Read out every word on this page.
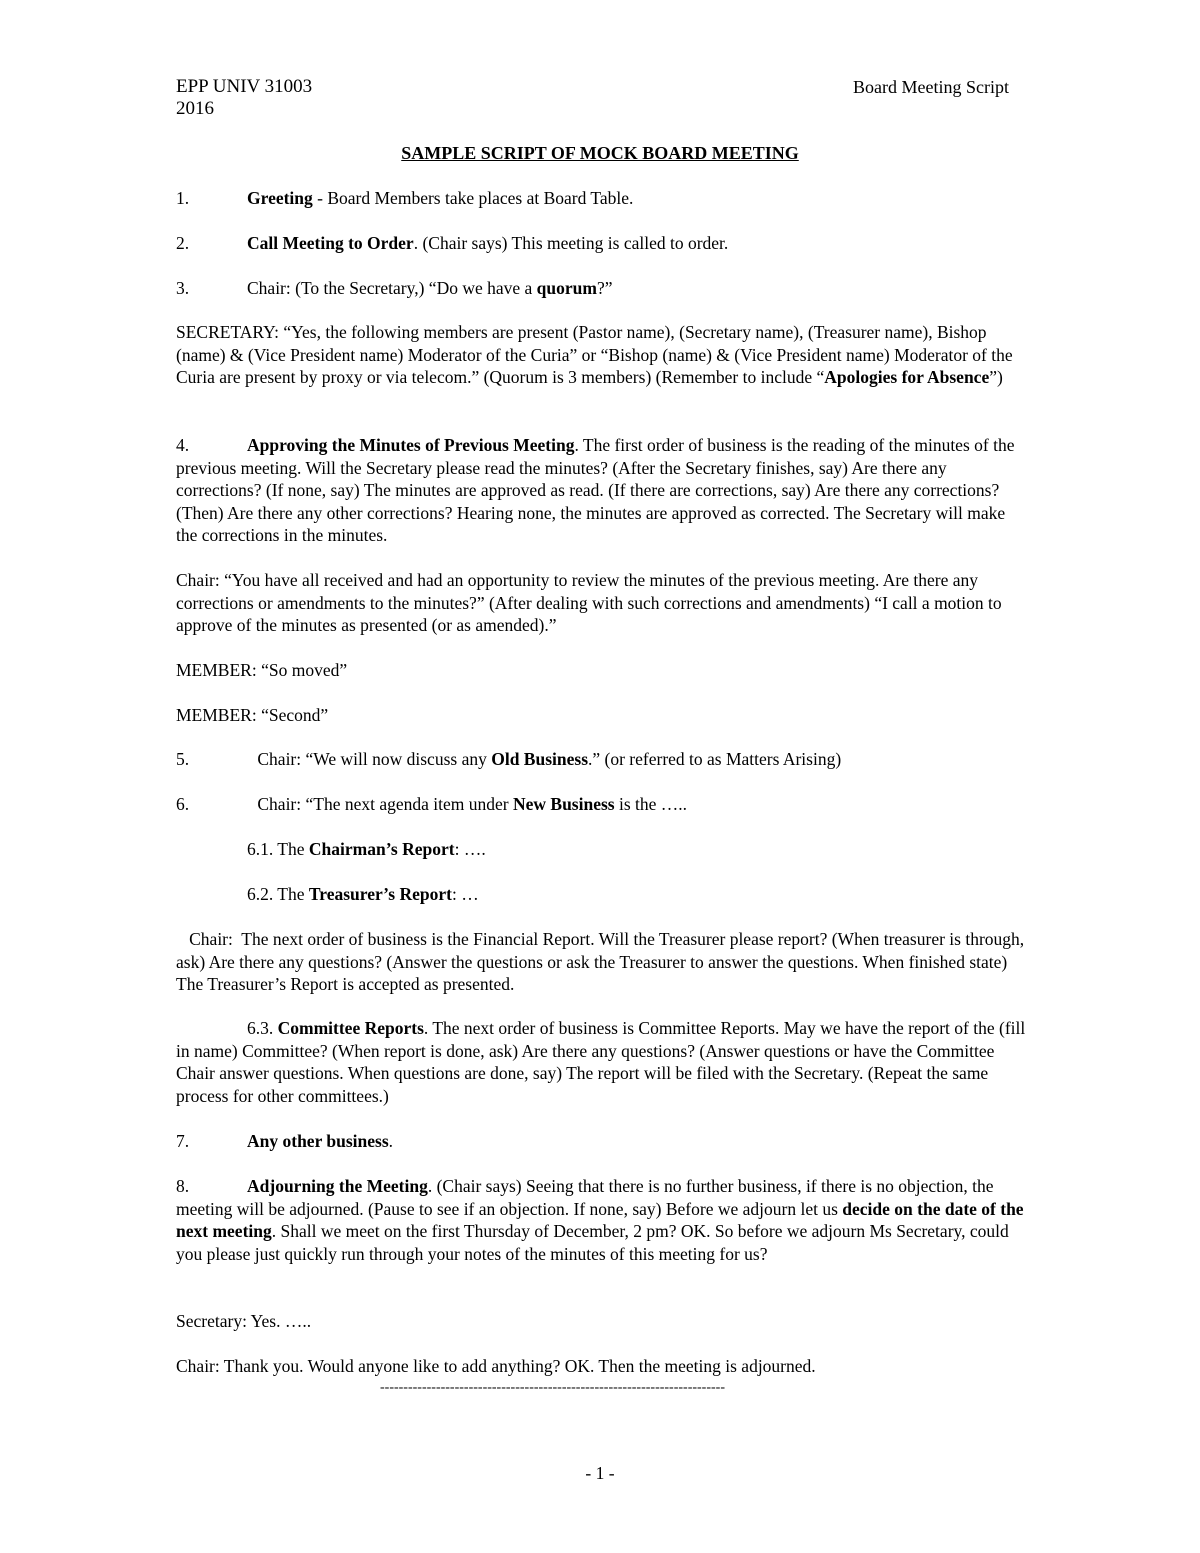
EPP UNIV 31003
2016
Board Meeting Script
SAMPLE SCRIPT OF MOCK BOARD MEETING

1.	Greeting - Board Members take places at Board Table.

2.	Call Meeting to Order. (Chair says) This meeting is called to order.

3.	Chair: (To the Secretary,) “Do we have a quorum?”

SECRETARY: “Yes, the following members are present (Pastor name), (Secretary name), (Treasurer name), Bishop (name) & (Vice President name) Moderator of the Curia” or “Bishop (name) & (Vice President name) Moderator of the Curia are present by proxy or via telecom.” (Quorum is 3 members) (Remember to include “Apologies for Absence”)

4.	Approving the Minutes of Previous Meeting. The first order of business is the reading of the minutes of the previous meeting. Will the Secretary please read the minutes? (After the Secretary finishes, say) Are there any corrections? (If none, say) The minutes are approved as read. (If there are corrections, say) Are there any corrections? (Then) Are there any other corrections? Hearing none, the minutes are approved as corrected. The Secretary will make the corrections in the minutes.

Chair: “You have all received and had an opportunity to review the minutes of the previous meeting. Are there any corrections or amendments to the minutes?” (After dealing with such corrections and amendments) “I call a motion to approve of the minutes as presented (or as amended).”

MEMBER: “So moved”

MEMBER: “Second”

5.	Chair: “We will now discuss any Old Business.” (or referred to as Matters Arising)

6.	Chair: “The next agenda item under New Business is the …..

6.1. The Chairman’s Report: ….

6.2. The Treasurer’s Report: …

Chair:  The next order of business is the Financial Report. Will the Treasurer please report? (When treasurer is through, ask) Are there any questions? (Answer the questions or ask the Treasurer to answer the questions. When finished state) The Treasurer’s Report is accepted as presented.

6.3. Committee Reports. The next order of business is Committee Reports. May we have the report of the (fill in name) Committee? (When report is done, ask) Are there any questions? (Answer questions or have the Committee Chair answer questions. When questions are done, say) The report will be filed with the Secretary. (Repeat the same process for other committees.)

7.	Any other business.

8.	Adjourning the Meeting. (Chair says) Seeing that there is no further business, if there is no objection, the meeting will be adjourned. (Pause to see if an objection. If none, say) Before we adjourn let us decide on the date of the next meeting. Shall we meet on the first Thursday of December, 2 pm? OK. So before we adjourn Ms Secretary, could you please just quickly run through your notes of the minutes of this meeting for us?

Secretary: Yes. …..

Chair: Thank you. Would anyone like to add anything? OK. Then the meeting is adjourned.

--------------------------------------------------------------------------
- 1 -
